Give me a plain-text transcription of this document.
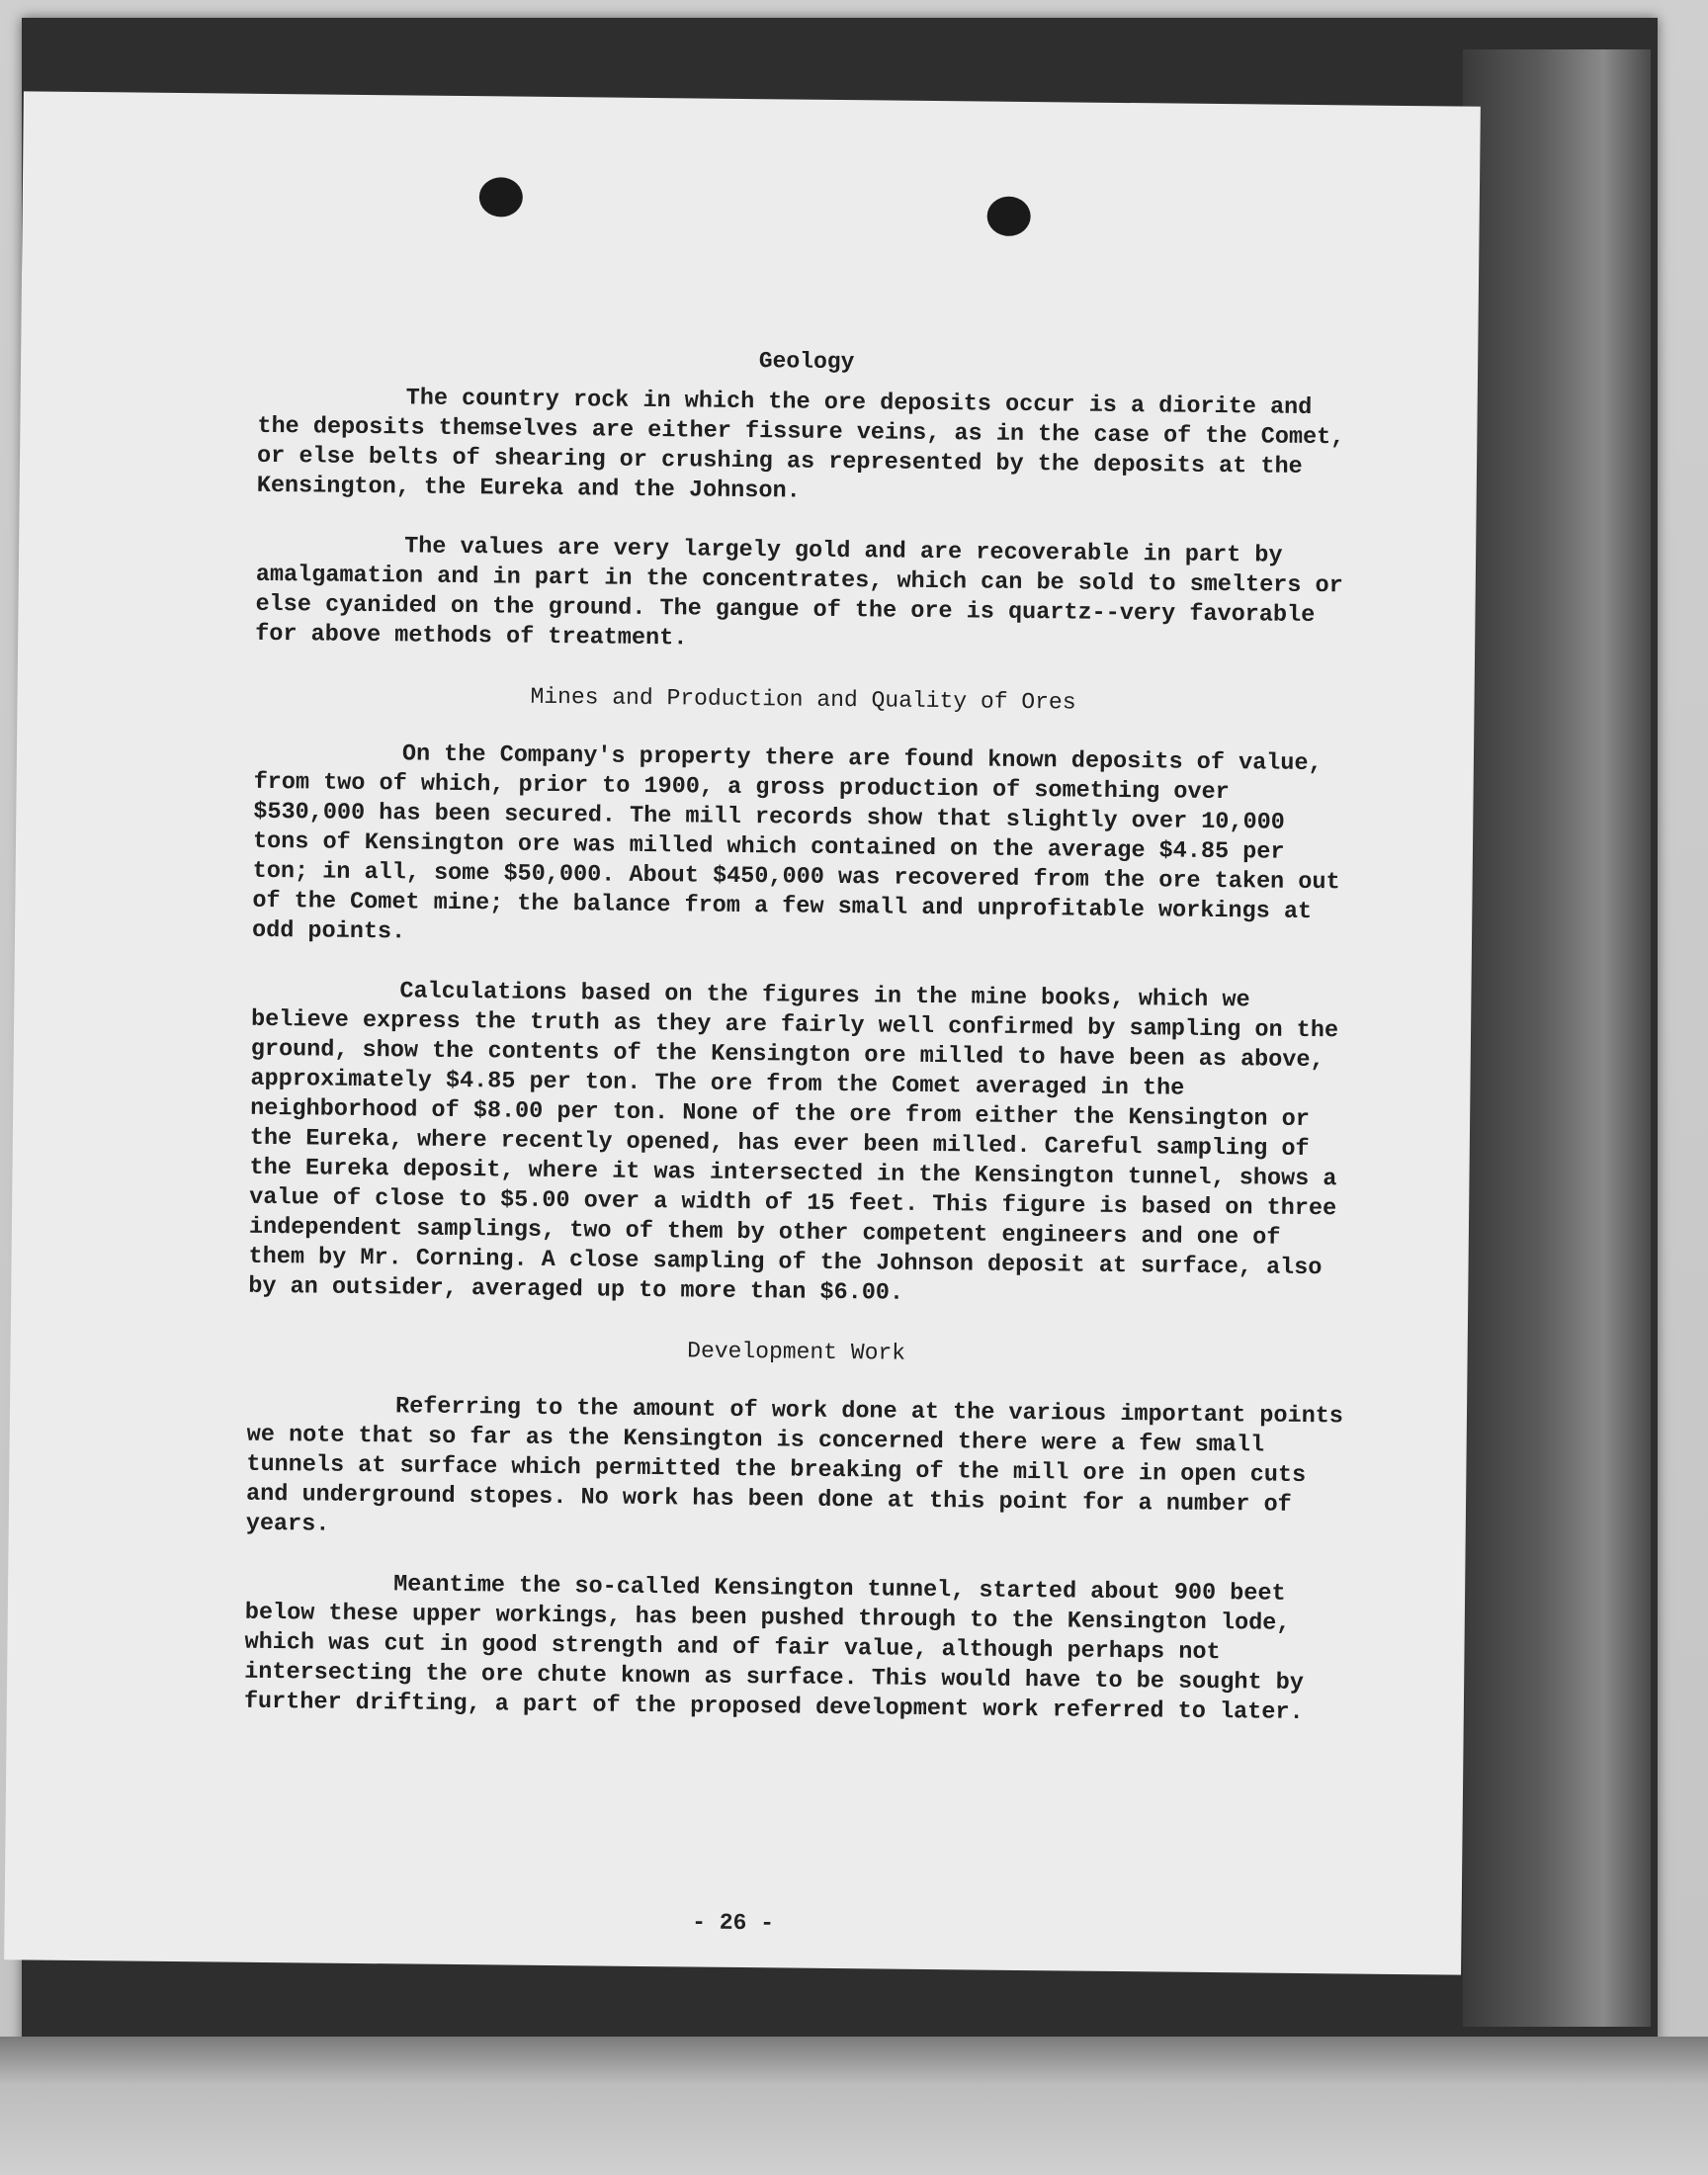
Geology

The country rock in which the ore deposits occur is a diorite and the deposits themselves are either fissure veins, as in the case of the Comet, or else belts of shearing or crushing as represented by the deposits at the Kensington, the Eureka and the Johnson.

The values are very largely gold and are recoverable in part by amalgamation and in part in the concentrates, which can be sold to smelters or else cyanided on the ground. The gangue of the ore is quartz--very favorable for above methods of treatment.

Mines and Production and Quality of Ores

On the Company's property there are found known deposits of value, from two of which, prior to 1900, a gross production of something over $530,000 has been secured. The mill records show that slightly over 10,000 tons of Kensington ore was milled which contained on the average $4.85 per ton; in all, some $50,000. About $450,000 was recovered from the ore taken out of the Comet mine; the balance from a few small and unprofitable workings at odd points.

Calculations based on the figures in the mine books, which we believe express the truth as they are fairly well confirmed by sampling on the ground, show the contents of the Kensington ore milled to have been as above, approximately $4.85 per ton. The ore from the Comet averaged in the neighborhood of $8.00 per ton. None of the ore from either the Kensington or the Eureka, where recently opened, has ever been milled. Careful sampling of the Eureka deposit, where it was intersected in the Kensington tunnel, shows a value of close to $5.00 over a width of 15 feet. This figure is based on three independent samplings, two of them by other competent engineers and one of them by Mr. Corning. A close sampling of the Johnson deposit at surface, also by an outsider, averaged up to more than $6.00.

Development Work

Referring to the amount of work done at the various important points we note that so far as the Kensington is concerned there were a few small tunnels at surface which permitted the breaking of the mill ore in open cuts and underground stopes. No work has been done at this point for a number of years.

Meantime the so-called Kensington tunnel, started about 900 beet below these upper workings, has been pushed through to the Kensington lode, which was cut in good strength and of fair value, although perhaps not intersecting the ore chute known as surface. This would have to be sought by further drifting, a part of the proposed development work referred to later.

- 26 -
